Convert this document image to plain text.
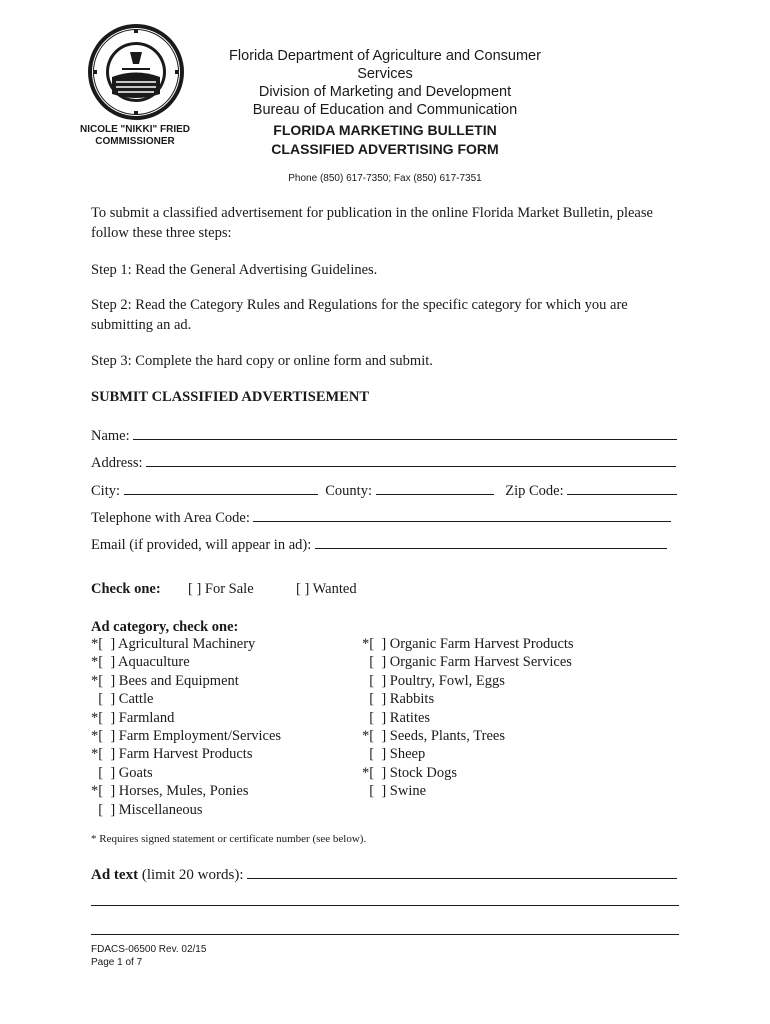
NICOLE "NIKKI" FRIED
COMMISSIONER
Florida Department of Agriculture and Consumer Services
Division of Marketing and Development
Bureau of Education and Communication
FLORIDA MARKETING BULLETIN
CLASSIFIED ADVERTISING FORM
Phone (850) 617-7350; Fax (850) 617-7351
To submit a classified advertisement for publication in the online Florida Market Bulletin, please
follow these three steps:
Step 1: Read the General Advertising Guidelines.
Step 2: Read the Category Rules and Regulations for the specific category for which you are
submitting an ad.
Step 3: Complete the hard copy or online form and submit.
SUBMIT CLASSIFIED ADVERTISEMENT
Name:
Address:
City:	County:	Zip Code:
Telephone with Area Code:
Email (if provided, will appear in ad):
Check one: [ ] For Sale	[ ] Wanted
Ad category, check one:
*[  ] Agricultural Machinery
*[  ] Aquaculture
*[  ] Bees and Equipment
[  ] Cattle
*[  ] Farmland
*[  ] Farm Employment/Services
*[  ] Farm Harvest Products
[  ] Goats
*[  ] Horses, Mules, Ponies
[  ] Miscellaneous
*[  ] Organic Farm Harvest Products
[  ] Organic Farm Harvest Services
[  ] Poultry, Fowl, Eggs
[  ] Rabbits
[  ] Ratites
*[  ] Seeds, Plants, Trees
[  ] Sheep
*[  ] Stock Dogs
[  ] Swine
* Requires signed statement or certificate number (see below).
Ad text (limit 20 words):
FDACS-06500 Rev. 02/15
Page 1 of 7
